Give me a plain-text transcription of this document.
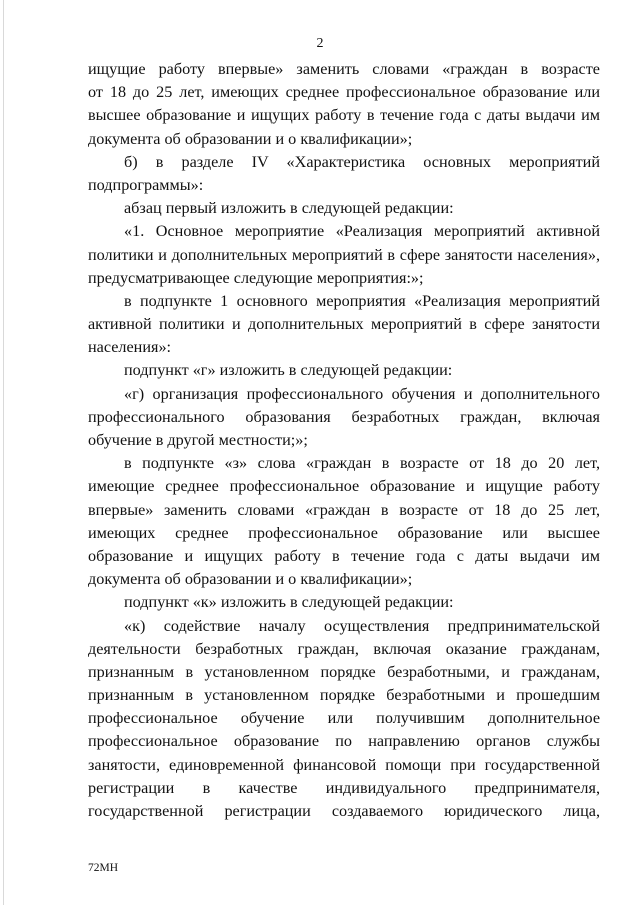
2
ищущие работу впервые» заменить словами «граждан в возрасте
от 18 до 25 лет, имеющих среднее профессиональное образование или
высшее образование и ищущих работу в течение года с даты выдачи им
документа об образовании и о квалификации»;
б) в разделе IV «Характеристика основных мероприятий
подпрограммы»:
абзац первый изложить в следующей редакции:
«1. Основное мероприятие «Реализация мероприятий активной
политики и дополнительных мероприятий в сфере занятости населения»,
предусматривающее следующие мероприятия:»;
в подпункте 1 основного мероприятия «Реализация мероприятий
активной политики и дополнительных мероприятий в сфере занятости
населения»:
подпункт «г» изложить в следующей редакции:
«г) организация профессионального обучения и дополнительного
профессионального образования безработных граждан, включая
обучение в другой местности;»;
в подпункте «з» слова «граждан в возрасте от 18 до 20 лет,
имеющие среднее профессиональное образование и ищущие работу
впервые» заменить словами «граждан в возрасте от 18 до 25 лет,
имеющих среднее профессиональное образование или высшее
образование и ищущих работу в течение года с даты выдачи им
документа об образовании и о квалификации»;
подпункт «к» изложить в следующей редакции:
«к) содействие началу осуществления предпринимательской
деятельности безработных граждан, включая оказание гражданам,
признанным в установленном порядке безработными, и гражданам,
признанным в установленном порядке безработными и прошедшим
профессиональное обучение или получившим дополнительное
профессиональное образование по направлению органов службы
занятости, единовременной финансовой помощи при государственной
регистрации в качестве индивидуального предпринимателя,
государственной регистрации создаваемого юридического лица,
72МН
